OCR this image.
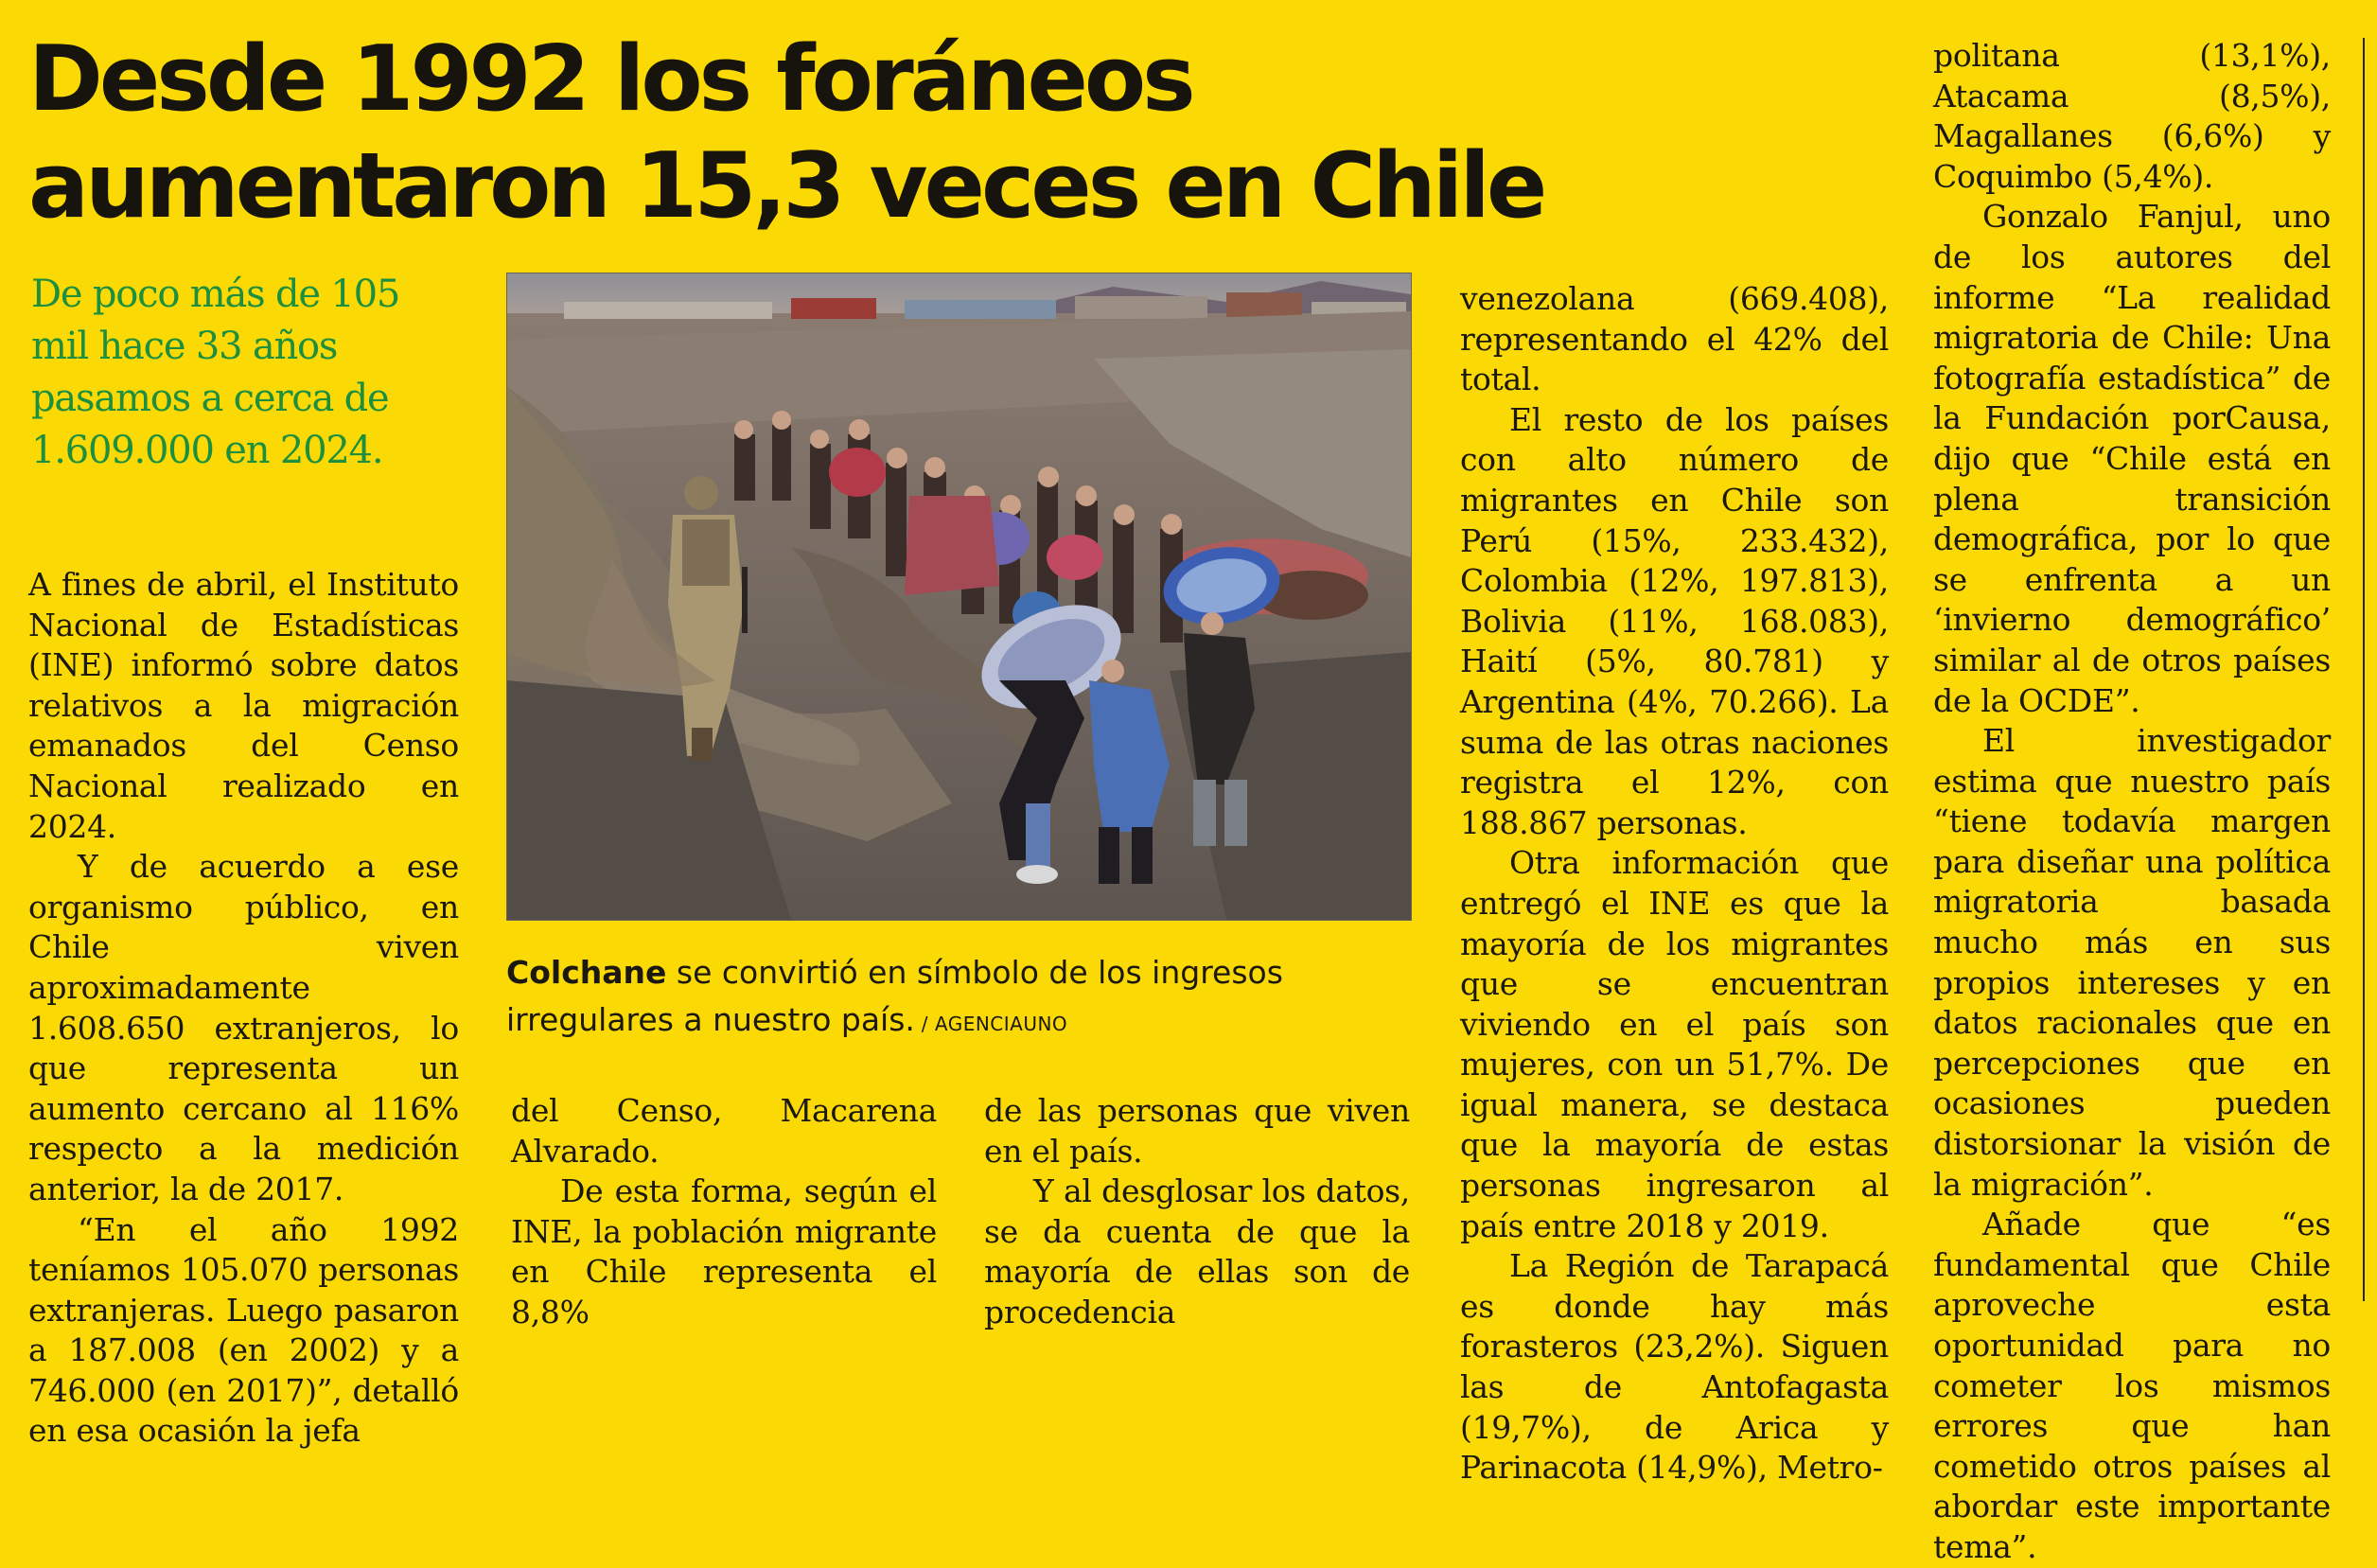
Desde 1992 los foráneos
aumentaron 15,3 veces en Chile

De poco más de 105 mil hace 33 años pasamos a cerca de 1.609.000 en 2024.

A fines de abril, el Instituto Nacional de Estadísticas (INE) informó sobre datos relativos a la migración emanados del Censo Nacional realizado en 2024.

Y de acuerdo a ese organismo público, en Chile viven aproximadamente 1.608.650 extranjeros, lo que representa un aumento cercano al 116% respecto a la medición anterior, la de 2017.

“En el año 1992 teníamos 105.070 personas extranjeras. Luego pasaron a 187.008 (en 2002) y a 746.000 (en 2017)”, detalló en esa ocasión la jefa

Colchane se convirtió en símbolo de los ingresos irregulares a nuestro país. / AGENCIAUNO

del Censo, Macarena Alvarado.

De esta forma, según el INE, la población migrante en Chile representa el 8,8%

de las personas que viven en el país.

Y al desglosar los datos, se da cuenta de que la mayoría de ellas son de procedencia

venezolana (669.408), representando el 42% del total.

El resto de los países con alto número de migrantes en Chile son Perú (15%, 233.432), Colombia (12%, 197.813), Bolivia (11%, 168.083), Haití (5%, 80.781) y Argentina (4%, 70.266). La suma de las otras naciones registra el 12%, con 188.867 personas.

Otra información que entregó el INE es que la mayoría de los migrantes que se encuentran viviendo en el país son mujeres, con un 51,7%. De igual manera, se destaca que la mayoría de estas personas ingresaron al país entre 2018 y 2019.

La Región de Tarapacá es donde hay más forasteros (23,2%). Siguen las de Antofagasta (19,7%), de Arica y Parinacota (14,9%), Metro-

politana (13,1%), Atacama (8,5%), Magallanes (6,6%) y Coquimbo (5,4%).

Gonzalo Fanjul, uno de los autores del informe “La realidad migratoria de Chile: Una fotografía estadística” de la Fundación porCausa, dijo que “Chile está en plena transición demográfica, por lo que se enfrenta a un ‘invierno demográfico’ similar al de otros países de la OCDE”.

El investigador estima que nuestro país “tiene todavía margen para diseñar una política migratoria basada mucho más en sus propios intereses y en datos racionales que en percepciones que en ocasiones pueden distorsionar la visión de la migración”.

Añade que “es fundamental que Chile aproveche esta oportunidad para no cometer los mismos errores que han cometido otros países al abordar este importante tema”.
